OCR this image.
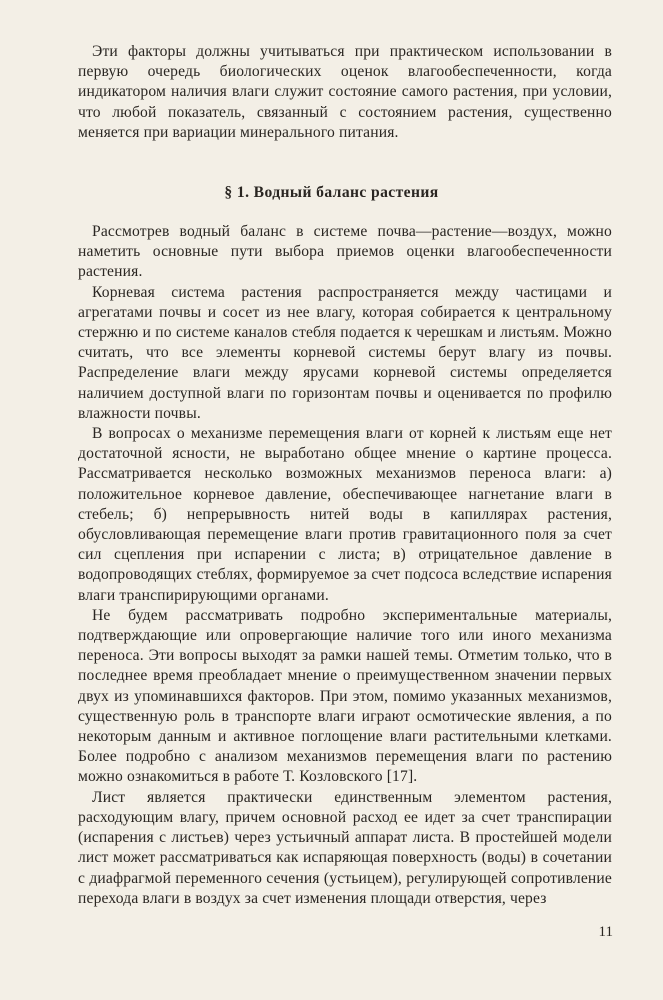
Эти факторы должны учитываться при практическом использовании в первую очередь биологических оценок влагообеспеченности, когда индикатором наличия влаги служит состояние самого растения, при условии, что любой показатель, связанный с состоянием растения, существенно меняется при вариации минерального питания.

§ 1. Водный баланс растения

Рассмотрев водный баланс в системе почва—растение—воздух, можно наметить основные пути выбора приемов оценки влагообеспеченности растения.

Корневая система растения распространяется между частицами и агрегатами почвы и сосет из нее влагу, которая собирается к центральному стержню и по системе каналов стебля подается к черешкам и листьям. Можно считать, что все элементы корневой системы берут влагу из почвы. Распределение влаги между ярусами корневой системы определяется наличием доступной влаги по горизонтам почвы и оценивается по профилю влажности почвы.

В вопросах о механизме перемещения влаги от корней к листьям еще нет достаточной ясности, не выработано общее мнение о картине процесса. Рассматривается несколько возможных механизмов переноса влаги: а) положительное корневое давление, обеспечивающее нагнетание влаги в стебель; б) непрерывность нитей воды в капиллярах растения, обусловливающая перемещение влаги против гравитационного поля за счет сил сцепления при испарении с листа; в) отрицательное давление в водопроводящих стеблях, формируемое за счет подсоса вследствие испарения влаги транспирирующими органами.

Не будем рассматривать подробно экспериментальные материалы, подтверждающие или опровергающие наличие того или иного механизма переноса. Эти вопросы выходят за рамки нашей темы. Отметим только, что в последнее время преобладает мнение о преимущественном значении первых двух из упоминавшихся факторов. При этом, помимо указанных механизмов, существенную роль в транспорте влаги играют осмотические явления, а по некоторым данным и активное поглощение влаги растительными клетками. Более подробно с анализом механизмов перемещения влаги по растению можно ознакомиться в работе Т. Козловского [17].

Лист является практически единственным элементом растения, расходующим влагу, причем основной расход ее идет за счет транспирации (испарения с листьев) через устьичный аппарат листа. В простейшей модели лист может рассматриваться как испаряющая поверхность (воды) в сочетании с диафрагмой переменного сечения (устьицем), регулирующей сопротивление перехода влаги в воздух за счет изменения площади отверстия, через

11
